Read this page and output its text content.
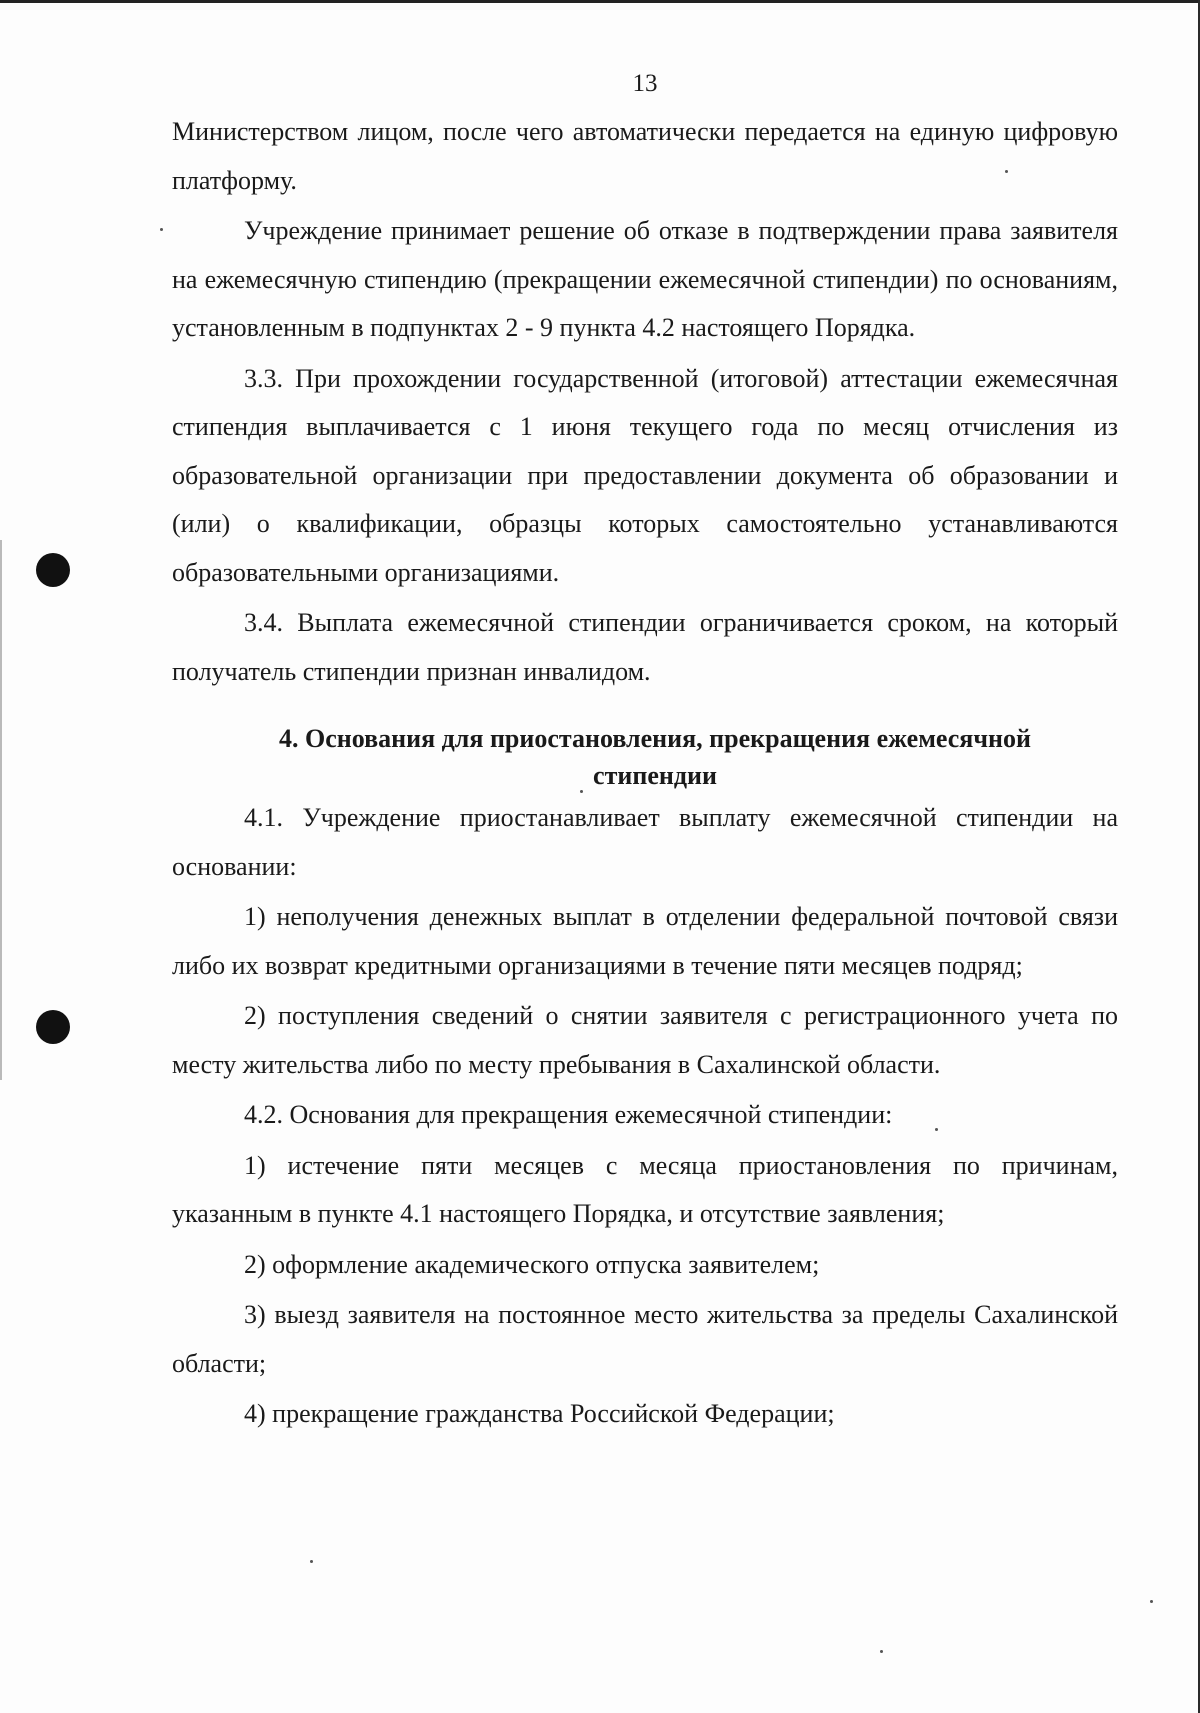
13

Министерством лицом, после чего автоматически передается на единую цифровую платформу.

Учреждение принимает решение об отказе в подтверждении права заявителя на ежемесячную стипендию (прекращении ежемесячной стипендии) по основаниям, установленным в подпунктах 2 - 9 пункта 4.2 настоящего Порядка.

3.3. При прохождении государственной (итоговой) аттестации ежемесячная стипендия выплачивается с 1 июня текущего года по месяц отчисления из образовательной организации при предоставлении документа об образовании и (или) о квалификации, образцы которых самостоятельно устанавливаются образовательными организациями.

3.4. Выплата ежемесячной стипендии ограничивается сроком, на который получатель стипендии признан инвалидом.

4. Основания для приостановления, прекращения ежемесячной
стипендии

4.1. Учреждение приостанавливает выплату ежемесячной стипендии на основании:

1) неполучения денежных выплат в отделении федеральной почтовой связи либо их возврат кредитными организациями в течение пяти месяцев подряд;

2) поступления сведений о снятии заявителя с регистрационного учета по месту жительства либо по месту пребывания в Сахалинской области.

4.2. Основания для прекращения ежемесячной стипендии:

1) истечение пяти месяцев с месяца приостановления по причинам, указанным в пункте 4.1 настоящего Порядка, и отсутствие заявления;

2) оформление академического отпуска заявителем;

3) выезд заявителя на постоянное место жительства за пределы Сахалинской области;

4) прекращение гражданства Российской Федерации;
